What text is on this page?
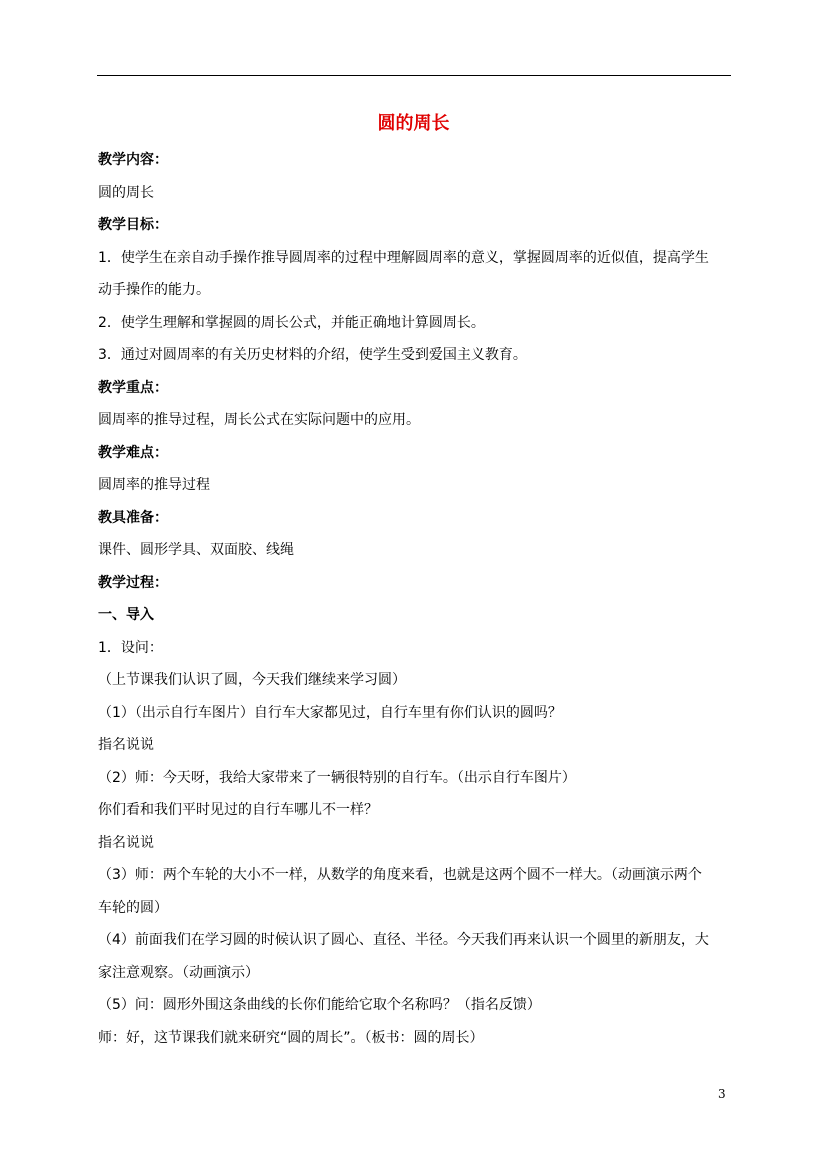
圆的周长
教学内容：
圆的周长
教学目标：
1．使学生在亲自动手操作推导圆周率的过程中理解圆周率的意义，掌握圆周率的近似值，提高学生
动手操作的能力。
2．使学生理解和掌握圆的周长公式，并能正确地计算圆周长。
3．通过对圆周率的有关历史材料的介绍，使学生受到爱国主义教育。
教学重点：
圆周率的推导过程，周长公式在实际问题中的应用。
教学难点：
圆周率的推导过程
教具准备：
课件、圆形学具、双面胶、线绳
教学过程：
一、导入
1．设问：
（上节课我们认识了圆，今天我们继续来学习圆）
（1）（出示自行车图片）自行车大家都见过，自行车里有你们认识的圆吗？
指名说说
（2）师：今天呀，我给大家带来了一辆很特别的自行车。（出示自行车图片）
你们看和我们平时见过的自行车哪儿不一样？
指名说说
（3）师：两个车轮的大小不一样，从数学的角度来看，也就是这两个圆不一样大。（动画演示两个
车轮的圆）
（4）前面我们在学习圆的时候认识了圆心、直径、半径。今天我们再来认识一个圆里的新朋友，大
家注意观察。（动画演示）
（5）问：圆形外围这条曲线的长你们能给它取个名称吗？（指名反馈）
师：好，这节课我们就来研究“圆的周长”。（板书：圆的周长）
3
